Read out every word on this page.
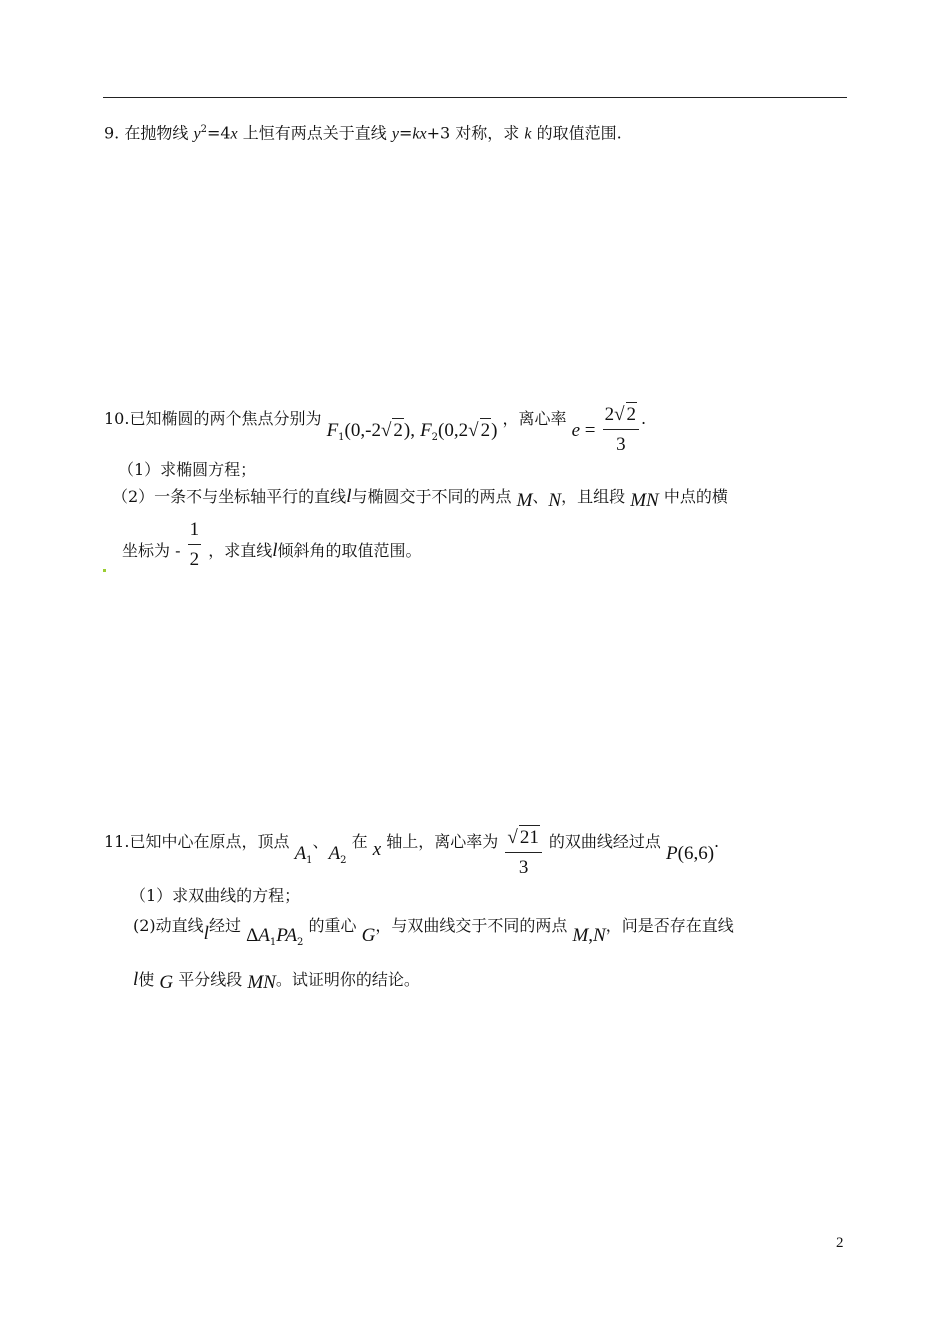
9. 在抛物线 $y^2=4x$ 上恒有两点关于直线 y=kx+3 对称，求 k 的取值范围.
10.已知椭圆的两个焦点分别为 $F_1(0,-2√$ 2), $F_2(0,2√$ 2) ，离心率 $e = \frac{2√ 2}{3}$ .
（1）求椭圆方程；
（2）一条不与坐标轴平行的直线l与椭圆交于不同的两点 M、N，且组段 MN 中点的横
坐标为 - $\frac{1}{2}$ ，求直线l倾斜角的取值范围。
11.已知中心在原点，顶点 $A_1$、$A_2$ 在 x 轴上，离心率为 $\frac{√ 21}{3}$ 的双曲线经过点 P(6,6).
（1）求双曲线的方程；
(2)动直线l经过 $\Delta A_1PA_2$ 的重心 G，与双曲线交于不同的两点 M,N，问是否存在直线
l使 G 平分线段 MN。试证明你的结论。
2
